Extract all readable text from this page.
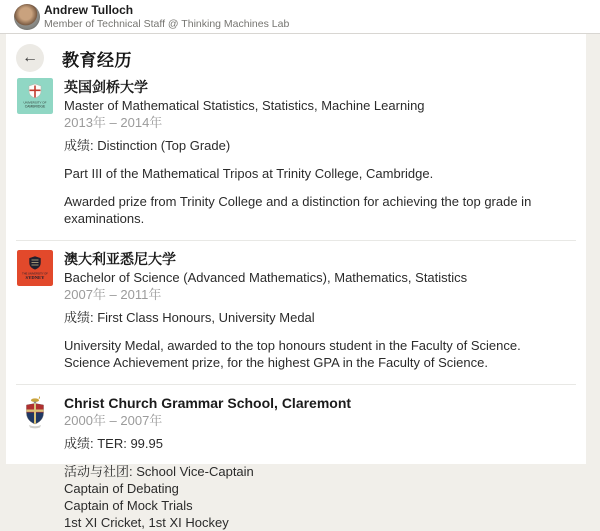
Andrew Tulloch
Member of Technical Staff @ Thinking Machines Lab
← 教育经历
UNIVERSITY OF
CAMBRIDGE
英国剑桥大学
Master of Mathematical Statistics, Statistics, Machine Learning
2013年 – 2014年
成绩: Distinction (Top Grade)
Part III of the Mathematical Tripos at Trinity College, Cambridge.
Awarded prize from Trinity College and a distinction for achieving the top grade in examinations.
THE UNIVERSITY OF
SYDNEY
澳大利亚悉尼大学
Bachelor of Science (Advanced Mathematics), Mathematics, Statistics
2007年 – 2011年
成绩: First Class Honours, University Medal
University Medal, awarded to the top honours student in the Faculty of Science.
Science Achievement prize, for the highest GPA in the Faculty of Science.
Christ Church Grammar School, Claremont
2000年 – 2007年
成绩: TER: 99.95
活动与社团: School Vice-Captain
Captain of Debating
Captain of Mock Trials
1st XI Cricket, 1st XI Hockey
